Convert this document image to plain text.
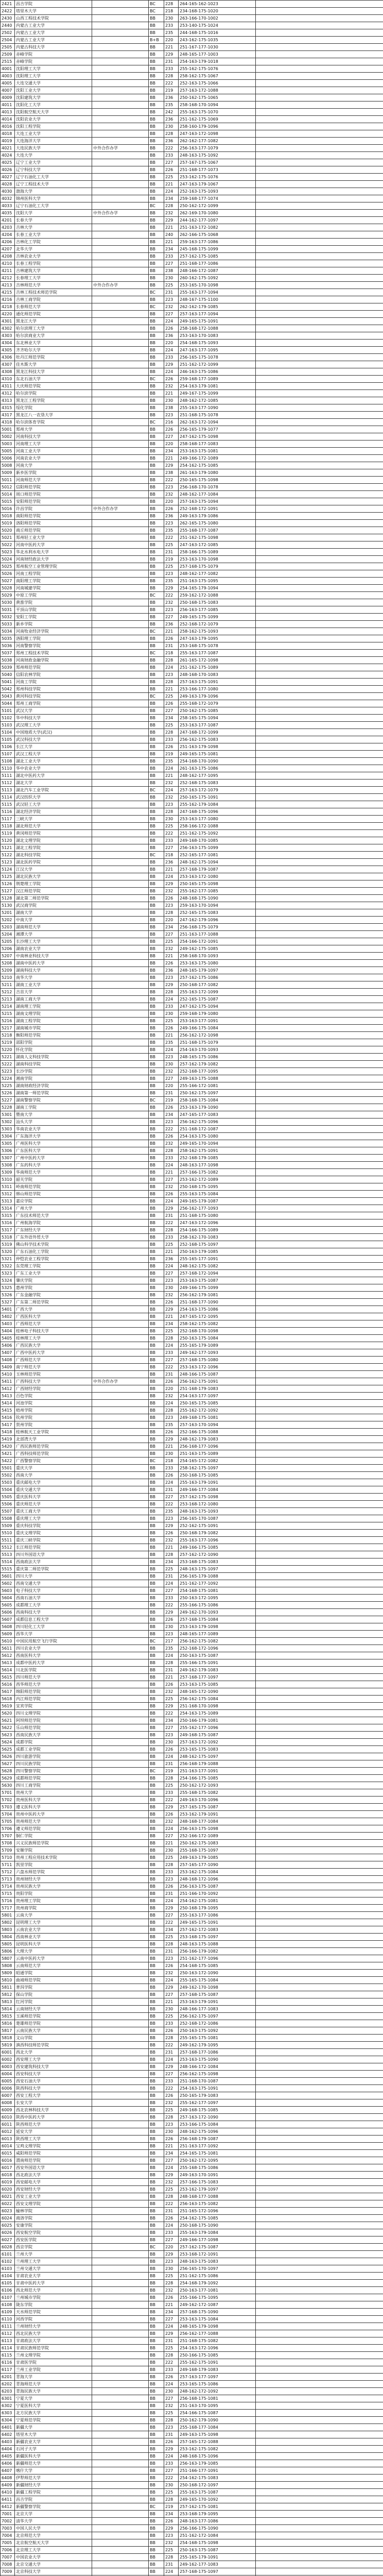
2421	昌吉学院		BC	228	264-165-162-1023	
2422	塔里木大学		BC	218	234-168-175-1020	
2430	山西工程技术学院		BB	230	263-166-170-1002	
2440	内蒙古工业大学		BB	233	253-140-175-1024	
2502	内蒙古工业大学		BB	235	244-168-175-1016	
2504	内蒙古工业大学		B+B	220	243-162-175-1035	
2505	内蒙古科技大学		BB	221	251-167-177-1030	
2509	赤峰学院		BB	229	248-165-177-1003	
2515	赤峰学院		BB	231	254-163-179-1018	
4001	沈阳理工大学		BB	233	255-162-175-1076	
4003	沈阳理工大学		BB	228	258-162-175-1067	
4005	大连交通大学		BB	222	252-163-175-1066	
4007	沈阳工业大学		BB	219	257-163-172-1088	
4009	沈阳建筑大学		BB	236	250-162-175-1065	
4011	沈阳化工大学		BB	235	258-168-170-1094	
4013	沈阳航空航天大学		BB	242	255-163-175-1070	
4014	沈阳农业大学		BB	236	251-162-175-1069	
4016	沈阳工程学院		BB	230	258-160-179-1096	
4018	大连工业大学		BB	228	247-163-172-1098	
4019	大连海洋大学		BB	236	262-162-177-1082	
4021	大连民族大学	中外合作办学	BB	222	256-163-177-1079	
4024	大连大学		BB	233	248-163-175-1092	
4025	辽宁工业大学		BB	227	257-167-175-1067	
4026	辽宁科技大学		BB	226	251-168-177-1073	
4027	辽宁石油化工大学		BB	225	253-162-175-1076	
4028	辽宁工程技术大学		BB	221	247-163-179-1067	
4030	渤海大学		BB	224	252-163-175-1093	
4032	锦州医科大学		BB	234	259-168-177-1074	
4033	辽宁石油化工大学		BC	228	250-162-172-1099	
4035	沈阳大学	中外合作办学	BB	232	262-169-170-1080	
4201	长春大学		BB	229	244-162-177-1097	
4203	吉林大学		BB	221	251-163-172-1082	
4204	长春工业大学		BB	240	262-166-175-1068	
4206	吉林化工学院		BB	221	259-163-177-1086	
4207	北华大学		BB	234	245-168-175-1099	
4208	吉林农业大学		BB	233	257-162-175-1085	
4210	长春工程学院		BB	227	251-168-177-1086	
4211	吉林建筑大学		BB	238	248-166-172-1087	
4212	长春理工大学		BB	230	260-162-175-1092	
4213	吉林师范大学	中外合作办学	BB	225	253-165-170-1098	
4215	吉林工程技术师范学院		BC	231	255-163-177-1094	
4216	吉林工商学院		BB	223	248-167-175-1100	
4218	长春师范大学		BC	232	262-162-179-1085	
4220	通化师范学院		BB	227	257-163-177-1094	
4301	黑龙江大学		BB	224	249-165-175-1091	
4302	哈尔滨理工大学		BB	226	258-168-172-1088	
4303	哈尔滨商业大学		BB	236	253-163-170-1083	
4304	东北林业大学		BB	220	254-168-175-1093	
4305	齐齐哈尔大学		BB	224	247-163-177-1095	
4306	牡丹江师范学院		BB	233	256-165-175-1078	
4307	佳木斯大学		BB	229	251-162-172-1099	
4308	黑龙江科技大学		BB	224	246-163-175-1086	
4310	东北石油大学		BC	226	259-168-177-1089	
4311	大庆师范学院		BB	232	254-163-179-1081	
4312	哈尔滨学院		BB	221	249-167-175-1099	
4313	黑龙江工程学院		BB	230	248-162-172-1085	
4315	绥化学院		BB	238	255-163-177-1090	
4317	黑龙江八一农垦大学		BB	223	251-168-175-1078	
4318	哈尔滨体育学院		BC	216	262-163-172-1094	
5001	郑州大学		BB	226	256-165-179-1077	
5002	河南科技大学		BB	227	247-162-175-1098	
5003	河南理工大学		BB	220	258-168-177-1083	
5005	河南工业大学		BB	234	253-163-175-1081	
5006	河南农业大学		BB	221	249-166-172-1089	
5008	河南大学		BB	229	254-162-175-1085	
5009	新乡医学院		BB	238	261-163-179-1080	
5011	河南师范大学		BB	222	250-165-175-1098	
5012	信阳师范学院		BB	223	256-168-170-1078	
5014	周口师范学院		BB	232	248-162-177-1084	
5015	安阳师范学院		BB	220	257-163-175-1094	
5016	许昌学院	中外合作办学	BB	226	252-168-172-1091	
5018	南阳师范学院		BB	236	249-163-179-1086	
5019	洛阳师范学院		BB	223	262-165-175-1080	
5020	商丘师范学院		BB	235	255-168-177-1087	
5021	郑州轻工业大学		BB	222	251-162-175-1098	
5022	河南中医药大学		BB	225	247-163-172-1085	
5023	华北水利水电大学		BB	231	258-166-175-1089	
5024	河南财经政法大学		BB	219	253-163-170-1098	
5025	郑州航空工业管理学院		BB	225	257-168-175-1079	
5026	河南工程学院		BB	223	248-162-177-1082	
5027	南阳理工学院		BB	235	251-163-175-1095	
5028	河南城建学院		BB	229	254-165-179-1094	
5029	中原工学院		BC	222	259-162-172-1088	
5030	黄淮学院		BB	232	250-168-175-1083	
5031	平顶山学院		BB	223	256-163-177-1085	
5032	安阳工学院		BB	227	249-165-175-1099	
5033	新乡学院		BB	236	252-168-172-1079	
5034	河南牧业经济学院		BC	221	258-162-175-1093	
5035	洛阳理工学院		BB	226	247-163-179-1095	
5036	河南警察学院		BB	231	253-168-175-1078	
5037	郑州工程技术学院		BC	218	255-163-177-1087	
5038	河南财政金融学院		BB	228	261-165-172-1098	
5039	郑州师范学院		BB	224	251-162-175-1089	
5040	信阳农林学院		BB	223	248-168-170-1083	
5041	河南工学院		BB	228	257-163-175-1091	
5042	郑州科技学院		BB	221	253-166-177-1080	
5043	黄河科技学院		BC	225	249-163-179-1096	
5044	郑州工商学院		BB	226	255-168-172-1079	
5101	武汉大学		BB	227	250-162-175-1085	
5102	华中科技大学		BB	234	258-165-175-1094	
5103	武汉理工大学		BB	225	253-163-177-1087	
5104	中国地质大学(武汉)		BB	228	247-168-172-1099	
5105	武汉科技大学		BB	233	256-162-175-1083	
5106	长江大学		BB	226	251-163-179-1098	
5107	武汉工程大学		BB	219	249-165-175-1081	
5108	湖北工业大学		BB	235	254-168-170-1090	
5110	华中农业大学		BB	224	261-163-175-1086	
5111	湖北中医药大学		BB	221	248-162-177-1095	
5112	湖北大学		BB	232	252-168-175-1083	
5113	湖北汽车工业学院		BC	224	257-163-172-1079	
5114	武汉纺织大学		BB	232	250-165-175-1091	
5115	武汉轻工大学		BB	223	255-162-179-1084	
5116	湖北经济学院		BB	228	247-168-175-1096	
5117	三峡大学		BB	230	253-163-177-1080	
5118	湖北师范大学		BB	225	258-166-172-1088	
5119	黄冈师范学院		BB	222	251-162-175-1092	
5120	湖北文理学院		BB	233	249-168-170-1085	
5121	湖北工程学院		BB	227	256-163-175-1099	
5122	湖北科技学院		BC	218	252-165-177-1081	
5123	湖北医药学院		BB	236	248-162-175-1094	
5124	江汉大学		BB	221	257-168-179-1087	
5125	湖北民族大学		BB	224	253-163-172-1080	
5126	荆楚理工学院		BB	229	250-165-175-1098	
5127	汉江师范学院		BB	232	255-162-177-1085	
5128	湖北第二师范学院		BB	226	248-168-175-1090	
5130	武汉商学院		BB	223	259-163-170-1094	
5201	湖南大学		BB	228	252-165-175-1083	
5202	中南大学		BB	220	247-162-179-1096	
5203	湖南师范大学		BB	234	256-168-175-1079	
5204	湘潭大学		BB	227	251-163-177-1088	
5205	长沙理工大学		BB	225	254-166-172-1091	
5206	湖南农业大学		BB	232	249-162-175-1085	
5207	中南林业科技大学		BB	221	258-168-170-1093	
5208	湖南中医药大学		BB	226	253-163-175-1080	
5209	湖南科技大学		BB	236	248-165-179-1097	
5210	南华大学		BB	223	257-162-175-1086	
5211	湖南工业大学		BB	229	250-168-177-1082	
5212	吉首大学		BB	228	255-163-172-1099	
5213	湖南工商大学		BB	224	252-165-175-1087	
5214	湖南理工学院		BB	233	247-162-175-1094	
5215	湖南文理学院		BB	230	259-168-179-1080	
5216	湖南工程学院		BB	225	253-163-177-1091	
5217	湖南城市学院		BB	226	249-166-175-1084	
5218	衡阳师范学院		BB	221	256-162-172-1098	
5219	邵阳学院		BB	235	251-168-175-1079	
5220	怀化学院		BB	224	254-163-170-1093	
5221	湖南人文科技学院		BB	223	248-165-175-1086	
5222	湖南科技学院		BB	230	257-162-179-1082	
5223	长沙学院		BB	232	252-168-177-1095	
5224	湘南学院		BB	227	249-163-175-1088	
5225	湖南财政经济学院		BB	220	255-166-172-1081	
5226	湖南第一师范学院		BB	231	250-162-175-1097	
5227	湖南警察学院		BC	219	258-168-175-1084	
5228	湖南工学院		BB	226	253-163-179-1090	
5301	暨南大学		BB	234	247-165-177-1083	
5302	汕头大学		BB	223	256-162-175-1096	
5303	华南农业大学		BB	222	251-168-172-1087	
5304	广东海洋大学		BB	226	254-163-175-1080	
5305	广州医科大学		BB	232	249-165-170-1094	
5306	广东医科大学		BB	228	258-162-175-1091	
5307	广州中医药大学		BB	233	252-168-179-1085	
5308	广东药科大学		BB	224	248-163-177-1098	
5309	华南师范大学		BB	221	257-166-175-1082	
5310	韶关学院		BB	227	253-162-172-1089	
5311	岭南师范学院		BB	232	250-168-175-1095	
5312	韩山师范学院		BB	226	255-163-175-1084	
5313	嘉应学院		BB	224	249-165-179-1087	
5314	广州大学		BB	229	256-162-177-1093	
5315	广东技术师范大学		BB	231	251-168-175-1080	
5316	广州航海学院		BB	222	247-163-172-1096	
5317	广东财经大学		BB	228	254-166-175-1089	
5318	广东外语外贸大学		BB	233	258-162-170-1083	
5319	佛山科学技术学院		BB	225	252-168-175-1097	
5320	广东石油化工学院		BB	221	250-163-179-1085	
5321	仲恺农业工程学院		BB	236	255-165-177-1091	
5322	东莞理工学院		BB	224	248-162-175-1082	
5323	广东工业大学		BB	227	257-168-172-1094	
5324	肇庆学院		BB	223	253-163-175-1087	
5325	惠州学院		BB	230	249-166-175-1099	
5326	广东金融学院		BB	232	256-162-179-1081	
5327	广东第二师范学院		BB	226	251-168-177-1090	
5401	广西大学		BB	229	254-163-175-1086	
5402	广西医科大学		BB	221	247-165-172-1095	
5403	广西师范大学		BB	234	258-162-175-1082	
5404	桂林电子科技大学		BB	225	252-168-170-1098	
5405	桂林理工大学		BB	228	250-163-175-1084	
5406	广西民族大学		BB	224	255-165-179-1089	
5407	广西中医药大学		BB	233	249-162-177-1093	
5408	广西师范大学		BB	227	257-168-175-1080	
5409	南宁师范大学		BB	222	253-163-172-1096	
5410	玉林师范学院		BB	231	248-166-175-1087	
5411	广西科技大学	中外合作办学	BB	226	256-162-175-1091	
5412	广西财经学院		BB	220	251-168-179-1083	
5413	百色学院		BB	232	254-163-177-1097	
5414	河池学院		BB	224	250-165-175-1085	
5415	梧州学院		BB	228	255-162-172-1092	
5416	钦州学院		BB	223	249-168-175-1081	
5417	贺州学院		BB	235	257-163-170-1094	
5418	桂林航天工业学院		BB	226	252-166-175-1088	
5419	北部湾大学		BB	229	248-162-179-1083	
5420	广西民族师范学院		BB	221	256-168-177-1096	
5421	广西科技师范学院		BB	230	251-163-175-1089	
5422	广西警察学院		BC	218	254-165-172-1082	
5501	重庆大学		BB	233	258-162-175-1097	
5502	西南大学		BB	226	250-168-175-1085	
5503	重庆邮电大学		BB	224	255-163-179-1091	
5504	重庆交通大学		BB	231	249-166-177-1084	
5505	重庆医科大学		BB	227	257-162-175-1098	
5506	重庆师范大学		BB	222	253-168-172-1080	
5507	重庆工商大学		BB	235	248-163-175-1093	
5508	重庆理工大学		BB	223	256-165-170-1087	
5509	重庆科技学院		BB	229	252-162-175-1091	
5510	重庆文理学院		BB	226	250-168-179-1082	
5511	重庆三峡学院		BB	232	255-163-177-1096	
5512	长江师范学院		BB	221	249-166-175-1085	
5513	四川外国语大学		BB	228	257-162-172-1090	
5514	西南政法大学		BB	234	253-168-175-1083	
5515	重庆第二师范学院		BB	225	248-163-175-1097	
5601	四川大学		BB	231	256-165-179-1088	
5602	西南交通大学		BB	224	251-162-177-1092	
5603	电子科技大学		BB	227	254-168-175-1081	
5604	西南石油大学		BB	233	250-163-172-1095	
5605	成都理工大学		BB	222	255-166-175-1086	
5606	西南科技大学		BB	229	249-162-170-1093	
5607	成都信息工程大学		BB	226	257-168-175-1084	
5608	四川轻化工大学		BB	230	253-163-179-1098	
5609	西华大学		BB	223	248-165-177-1089	
5610	中国民用航空飞行学院		BC	217	256-162-175-1082	
5611	四川农业大学		BB	235	252-168-172-1096	
5612	西南医科大学		BB	224	250-163-175-1087	
5613	成都中医药大学		BB	228	255-166-175-1091	
5614	川北医学院		BB	231	249-162-179-1083	
5615	四川师范大学		BB	221	257-168-177-1097	
5616	西华师范大学		BB	226	253-163-175-1085	
5617	绵阳师范学院		BB	232	248-165-172-1090	
5618	内江师范学院		BB	225	256-162-175-1084	
5619	宜宾学院		BB	229	251-168-170-1098	
5620	四川文理学院		BB	222	254-163-175-1089	
5621	阿坝师范学院		BB	234	250-166-179-1081	
5622	乐山师范学院		BB	227	255-162-177-1096	
5623	西南民族大学		BB	223	249-168-175-1087	
5624	成都学院		BB	230	257-163-172-1092	
5625	成都工业学院		BB	226	253-165-175-1083	
5626	四川旅游学院		BB	224	248-162-175-1097	
5627	四川民族学院		BB	231	256-168-179-1088	
5628	四川警察学院		BC	219	251-163-177-1091	
5629	成都师范学院		BB	228	254-166-175-1085	
5630	四川工商学院		BB	225	250-162-172-1093	
5701	贵州大学		BB	233	255-168-175-1082	
5702	贵州医科大学		BB	222	249-163-170-1096	
5703	遵义医科大学		BB	229	257-165-175-1087	
5704	贵州中医药大学		BB	226	253-162-179-1091	
5705	贵州师范大学		BB	232	248-168-177-1084	
5706	遵义师范学院		BB	224	256-163-175-1098	
5707	铜仁学院		BB	227	252-166-172-1089	
5708	兴义民族师范学院		BB	221	250-162-175-1083	
5709	安顺学院		BB	230	255-168-175-1097	
5710	贵州工程应用技术学院		BB	225	249-163-179-1085	
5711	凯里学院		BB	228	257-165-177-1090	
5712	六盘水师范学院		BB	233	253-162-175-1084	
5713	贵州财经大学		BB	223	248-168-172-1096	
5714	贵州民族大学		BB	226	256-163-175-1087	
5715	贵阳学院		BB	231	251-166-170-1092	
5716	贵州理工学院		BB	224	254-162-175-1081	
5717	贵州商学院		BB	229	250-168-179-1095	
5801	云南大学		BB	227	255-163-177-1086	
5802	昆明理工大学		BB	222	249-165-175-1091	
5803	云南农业大学		BB	234	257-162-172-1083	
5804	西南林业大学		BB	225	253-168-175-1097	
5805	昆明医科大学		BB	228	248-163-175-1088	
5806	大理大学		BB	231	256-166-179-1082	
5807	云南中医药大学		BB	223	251-162-177-1096	
5808	云南师范大学		BB	226	254-168-175-1085	
5809	昭通学院		BB	232	250-163-172-1090	
5810	曲靖师范学院		BB	224	255-165-175-1084	
5811	普洱学院		BB	229	249-162-170-1098	
5812	保山学院		BB	227	257-168-175-1087	
5813	红河学院		BB	221	253-163-179-1091	
5814	云南财经大学		BB	230	248-166-177-1083	
5815	玉溪师范学院		BB	225	256-162-175-1097	
5816	楚雄师范学院		BB	233	252-168-172-1086	
5817	云南民族大学		BB	226	250-163-175-1092	
5818	文山学院		BB	228	255-165-175-1081	
5819	滇西科技师范学院		BB	222	249-162-179-1095	
6001	西北大学		BB	231	257-168-177-1086	
6002	西安理工大学		BB	224	253-163-175-1090	
6003	西安建筑科技大学		BB	229	248-166-172-1084	
6004	西安科技大学		BB	227	256-162-175-1098	
6005	西安石油大学		BB	233	251-168-170-1087	
6006	陕西科技大学		BB	222	254-163-175-1091	
6007	西安工程大学		BB	226	250-165-179-1083	
6008	长安大学		BB	232	255-162-177-1097	
6009	西北农林科技大学		BB	225	249-168-175-1085	
6010	陕西中医药大学		BB	228	257-163-172-1090	
6011	陕西师范大学		BB	223	253-166-175-1084	
6012	延安大学		BB	230	248-162-175-1096	
6013	陕西理工大学		BB	226	256-168-179-1087	
6014	宝鸡文理学院		BB	221	251-163-177-1092	
6015	咸阳师范学院		BB	234	254-165-175-1081	
6016	渭南师范学院		BB	227	250-162-172-1095	
6017	西安外国语大学		BB	224	255-168-175-1086	
6018	西北政法大学		BB	229	249-163-170-1091	
6019	西安邮电大学		BB	232	257-166-175-1083	
6020	西安财经大学		BB	225	253-162-179-1097	
6021	西安工业大学		BB	228	248-168-177-1088	
6022	西安文理学院		BB	222	256-163-175-1082	
6023	榆林学院		BB	231	251-165-172-1096	
6024	商洛学院		BB	226	254-162-175-1085	
6025	安康学院		BB	224	250-168-175-1090	
6026	西安航空学院		BB	233	255-163-179-1084	
6027	西安医学院		BB	227	249-166-177-1098	
6028	西京学院		BC	220	257-162-175-1087	
6101	兰州大学		BB	229	253-168-172-1091	
6102	兰州理工大学		BB	223	248-163-175-1083	
6103	兰州交通大学		BB	230	256-165-170-1097	
6104	甘肃农业大学		BB	225	251-162-175-1086	
6105	甘肃中医药大学		BB	228	254-168-179-1092	
6106	西北师范大学		BB	232	250-163-177-1081	
6107	兰州城市学院		BB	226	255-166-175-1095	
6108	陇东学院		BB	221	249-162-172-1087	
6109	天水师范学院		BB	234	257-168-175-1090	
6110	河西学院		BB	227	253-163-175-1084	
6111	兰州财经大学		BB	224	248-165-179-1098	
6112	西北民族大学		BB	229	256-162-177-1088	
6113	甘肃政法大学		BB	231	251-168-175-1082	
6114	甘肃民族师范学院		BB	225	254-163-172-1096	
6115	兰州文理学院		BB	228	250-166-175-1085	
6116	甘肃医学院		BB	222	255-162-175-1091	
6117	兰州工业学院		BB	233	249-168-179-1083	
6201	青海大学		BB	226	257-163-177-1097	
6202	青海师范大学		BB	224	253-165-175-1086	
6203	青海民族大学		BB	230	248-162-172-1092	
6301	宁夏大学		BB	227	256-168-175-1081	
6302	宁夏医科大学		BB	232	251-163-170-1095	
6303	北方民族大学		BB	225	254-166-175-1087	
6304	宁夏师范学院		BB	228	250-162-179-1090	
6401	新疆大学		BB	223	255-168-177-1084	
6402	塔里木大学		BB	231	249-163-175-1098	
6403	新疆农业大学		BB	226	257-165-172-1088	
6404	石河子大学		BB	229	253-162-175-1082	
6405	新疆医科大学		BB	224	248-168-175-1096	
6406	新疆师范大学		BB	233	256-163-179-1085	
6407	喀什大学		BB	227	251-166-177-1091	
6408	伊犁师范大学		BB	222	254-162-175-1083	
6409	新疆财经大学		BB	230	250-168-172-1097	
6410	新疆工程学院		BB	225	255-163-175-1087	
6411	昌吉学院		BB	228	249-165-170-1092	
6412	新疆警察学院		BC	219	257-162-175-1081	
7001	北京大学		BB	234	253-168-179-1095	
7002	清华大学		BB	226	248-163-177-1086	
7003	中国人民大学		BB	229	256-166-175-1090	
7004	北京师范大学		BB	223	251-162-172-1084	
7005	北京航空航天大学		BB	232	254-168-175-1098	
7006	北京理工大学		BB	225	250-163-175-1087	
7007	中国农业大学		BB	228	255-165-179-1091	
7008	北京交通大学		BB	231	249-162-177-1083	
7009	北京科技大学		BB	224	257-168-175-1097	
